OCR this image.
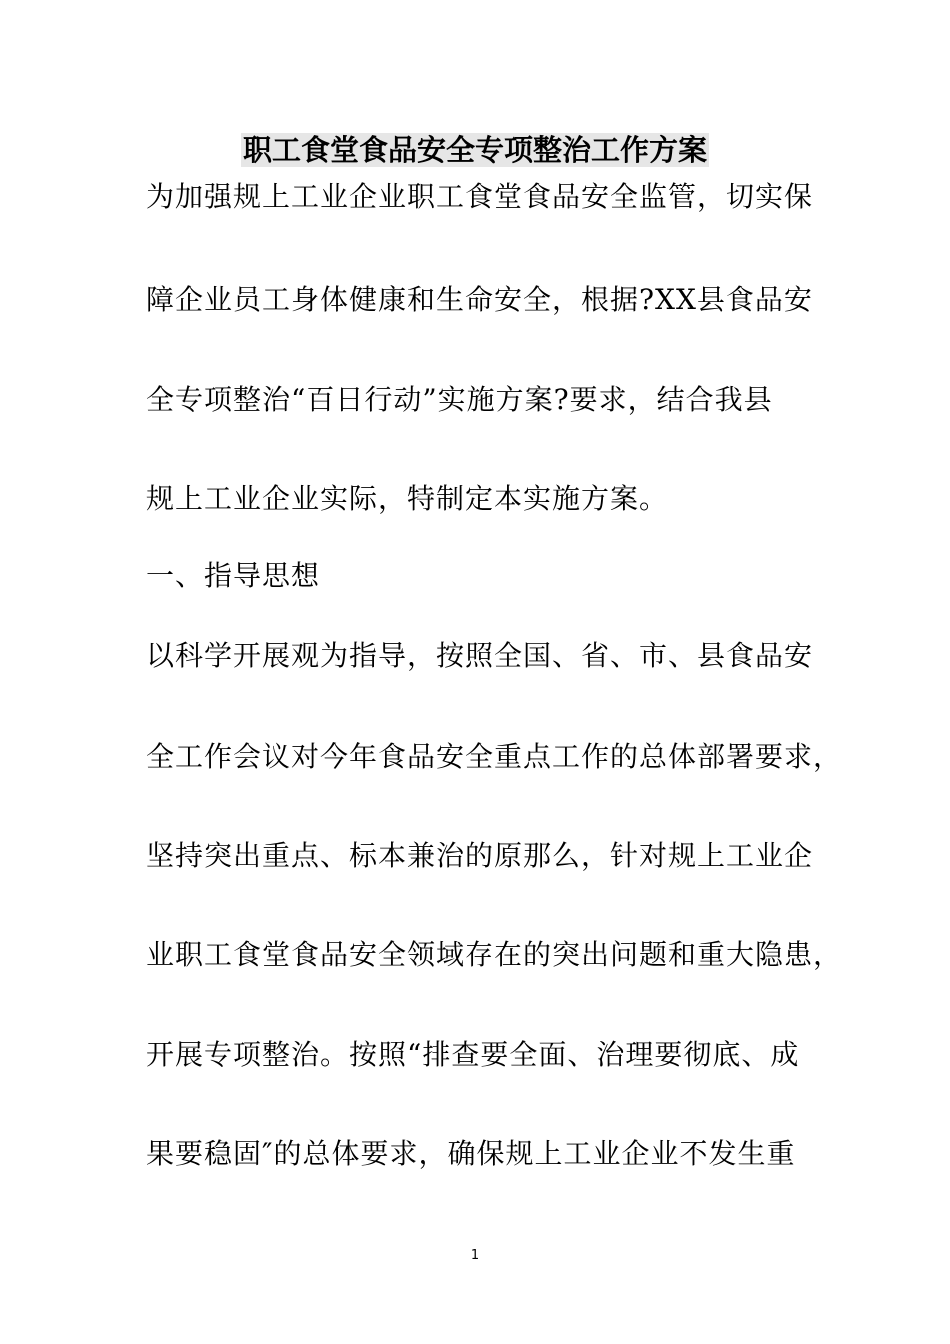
职工食堂食品安全专项整治工作方案
为加强规上工业企业职工食堂食品安全监管，切实保
障企业员工身体健康和生命安全，根据?XX县食品安
全专项整治“百日行动”实施方案?要求，结合我县
规上工业企业实际，特制定本实施方案。
一、指导思想
以科学开展观为指导，按照全国、省、市、县食品安
全工作会议对今年食品安全重点工作的总体部署要求，
坚持突出重点、标本兼治的原那么，针对规上工业企
业职工食堂食品安全领域存在的突出问题和重大隐患，
开展专项整治。按照“排查要全面、治理要彻底、成
果要稳固″的总体要求，确保规上工业企业不发生重
1
